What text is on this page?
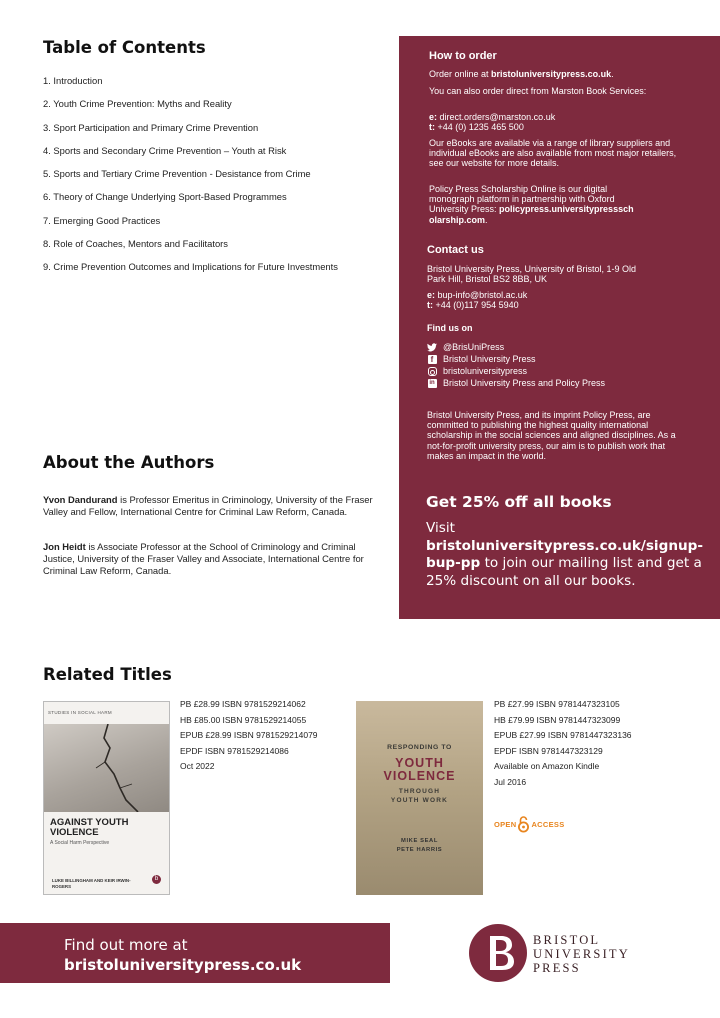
Table of Contents
1. Introduction
2. Youth Crime Prevention: Myths and Reality
3. Sport Participation and Primary Crime Prevention
4. Sports and Secondary Crime Prevention – Youth at Risk
5. Sports and Tertiary Crime Prevention - Desistance from Crime
6. Theory of Change Underlying Sport-Based Programmes
7. Emerging Good Practices
8. Role of Coaches, Mentors and Facilitators
9. Crime Prevention Outcomes and Implications for Future Investments
About the Authors

Yvon Dandurand is Professor Emeritus in Criminology, University of the Fraser Valley and Fellow, International Centre for Criminal Law Reform, Canada.

Jon Heidt is Associate Professor at the School of Criminology and Criminal Justice, University of the Fraser Valley and Associate, International Centre for Criminal Law Reform, Canada.

How to order
Order online at bristoluniversitypress.co.uk.
You can also order direct from Marston Book Services:
e: direct.orders@marston.co.uk
t: +44 (0) 1235 465 500
Our eBooks are available via a range of library suppliers and individual eBooks are also available from most major retailers, see our website for more details.
Policy Press Scholarship Online is our digital monograph platform in partnership with Oxford University Press: policypress.universitypressscholarship.com.
Contact us
Bristol University Press, University of Bristol, 1-9 Old Park Hill, Bristol BS2 8BB, UK
e: bup-info@bristol.ac.uk
t: +44 (0)117 954 5940
Find us on
@BrisUniPress
f	Bristol University Press
bristoluniversitypress
in Bristol University Press and Policy Press
Bristol University Press, and its imprint Policy Press, are committed to publishing the highest quality international scholarship in the social sciences and aligned disciplines. As a not-for-profit university press, our aim is to publish work that makes an impact in the world.
Get 25% off all books
Visit bristoluniversitypress.co.uk/signup-bup-pp to join our mailing list and get a 25% discount on all our books.
Related Titles
STUDIES IN SOCIAL HARM
AGAINST YOUTH VIOLENCE
A Social Harm Perspective
LUKE BILLINGHAM AND KEIR IRWIN-ROGERS
b
PB £28.99 ISBN 9781529214062
HB £85.00 ISBN 9781529214055
EPUB £28.99 ISBN 9781529214079
EPDF ISBN 9781529214086
Oct 2022
RESPONDING TO
YOUTH VIOLENCE
THROUGH YOUTH WORK
MIKE SEAL PETE HARRIS
PB £27.99 ISBN 9781447323105
HB £79.99 ISBN 9781447323099
EPUB £27.99 ISBN 9781447323136
EPDF ISBN 9781447323129
Available on Amazon Kindle
Jul 2016
OPEN ACCESS
Find out more at
bristoluniversitypress.co.uk
BRISTOL
UNIVERSITY
PRESS
